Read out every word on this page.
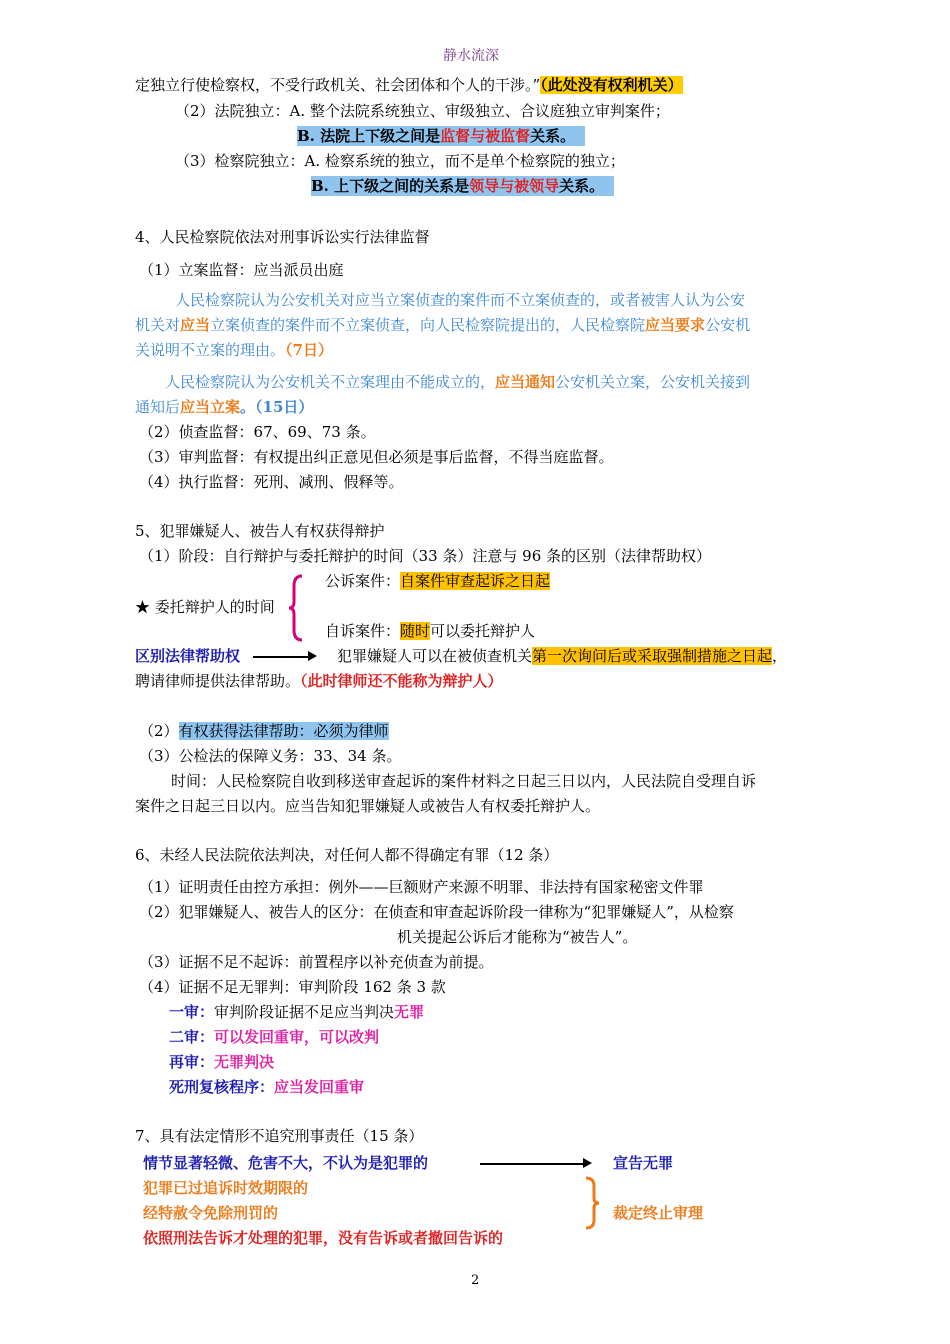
静水流深
定独立行使检察权，不受行政机关、社会团体和个人的干涉。”（此处没有权利机关）
（2）法院独立：A. 整个法院系统独立、审级独立、合议庭独立审判案件；
B. 法院上下级之间是监督与被监督关系。
（3）检察院独立：A. 检察系统的独立，而不是单个检察院的独立；
B. 上下级之间的关系是领导与被领导关系。
4、人民检察院依法对刑事诉讼实行法律监督
（1）立案监督：应当派员出庭
人民检察院认为公安机关对应当立案侦查的案件而不立案侦查的，或者被害人认为公安
机关对应当立案侦查的案件而不立案侦查，向人民检察院提出的，人民检察院应当要求公安机
关说明不立案的理由。（7日）
人民检察院认为公安机关不立案理由不能成立的，应当通知公安机关立案，公安机关接到
通知后应当立案。（15日）
（2）侦查监督：67、69、73 条。
（3）审判监督：有权提出纠正意见但必须是事后监督，不得当庭监督。
（4）执行监督：死刑、减刑、假释等。
5、犯罪嫌疑人、被告人有权获得辩护
（1）阶段：自行辩护与委托辩护的时间（33 条）注意与 96 条的区别（法律帮助权）
公诉案件：自案件审查起诉之日起
★ 委托辩护人的时间
自诉案件：随时可以委托辩护人
区别法律帮助权	犯罪嫌疑人可以在被侦查机关第一次询问后或采取强制措施之日起，
聘请律师提供法律帮助。（此时律师还不能称为辩护人）
（2）有权获得法律帮助：必须为律师
（3）公检法的保障义务：33、34 条。
时间：人民检察院自收到移送审查起诉的案件材料之日起三日以内，人民法院自受理自诉
案件之日起三日以内。应当告知犯罪嫌疑人或被告人有权委托辩护人。
6、未经人民法院依法判决，对任何人都不得确定有罪（12 条）
（1）证明责任由控方承担：例外——巨额财产来源不明罪、非法持有国家秘密文件罪
（2）犯罪嫌疑人、被告人的区分：在侦查和审查起诉阶段一律称为“犯罪嫌疑人”，从检察
机关提起公诉后才能称为“被告人”。
（3）证据不足不起诉：前置程序以补充侦查为前提。
（4）证据不足无罪判：审判阶段 162 条 3 款
一审：审判阶段证据不足应当判决无罪
二审：可以发回重审，可以改判
再审：无罪判决
死刑复核程序：应当发回重审
7、具有法定情形不追究刑事责任（15 条）
情节显著轻微、危害不大，不认为是犯罪的	宣告无罪
犯罪已过追诉时效期限的
经特赦令免除刑罚的	裁定终止审理
依照刑法告诉才处理的犯罪，没有告诉或者撤回告诉的
2
